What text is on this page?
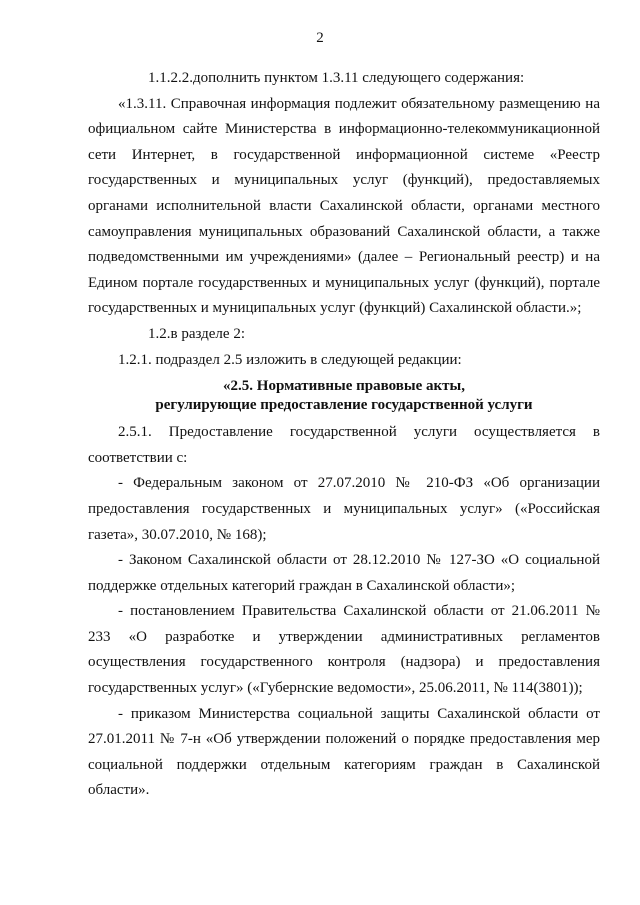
2

1.1.2.2.дополнить пунктом 1.3.11 следующего содержания:

«1.3.11. Справочная информация подлежит обязательному размещению на официальном сайте Министерства в информационно-телекоммуникационной сети Интернет, в государственной информационной системе «Реестр государственных и муниципальных услуг (функций), предоставляемых органами исполнительной власти Сахалинской области, органами местного самоуправления муниципальных образований Сахалинской области, а также подведомственными им учреждениями» (далее – Региональный реестр) и на Едином портале государственных и муниципальных услуг (функций), портале государственных и муниципальных услуг (функций) Сахалинской области.»;

1.2.в разделе 2:

1.2.1. подраздел 2.5 изложить в следующей редакции:

«2.5. Нормативные правовые акты,
регулирующие предоставление государственной услуги

2.5.1. Предоставление государственной услуги осуществляется в соответствии с:

- Федеральным законом от 27.07.2010 № 210-ФЗ «Об организации предоставления государственных и муниципальных услуг» («Российская газета», 30.07.2010, № 168);

- Законом Сахалинской области от 28.12.2010 № 127-ЗО «О социальной поддержке отдельных категорий граждан в Сахалинской области»;

- постановлением Правительства Сахалинской области от 21.06.2011 № 233 «О разработке и утверждении административных регламентов осуществления государственного контроля (надзора) и предоставления государственных услуг» («Губернские ведомости», 25.06.2011, № 114(3801));

- приказом Министерства социальной защиты Сахалинской области от 27.01.2011 № 7-н «Об утверждении положений о порядке предоставления мер социальной поддержки отдельным категориям граждан в Сахалинской области».
